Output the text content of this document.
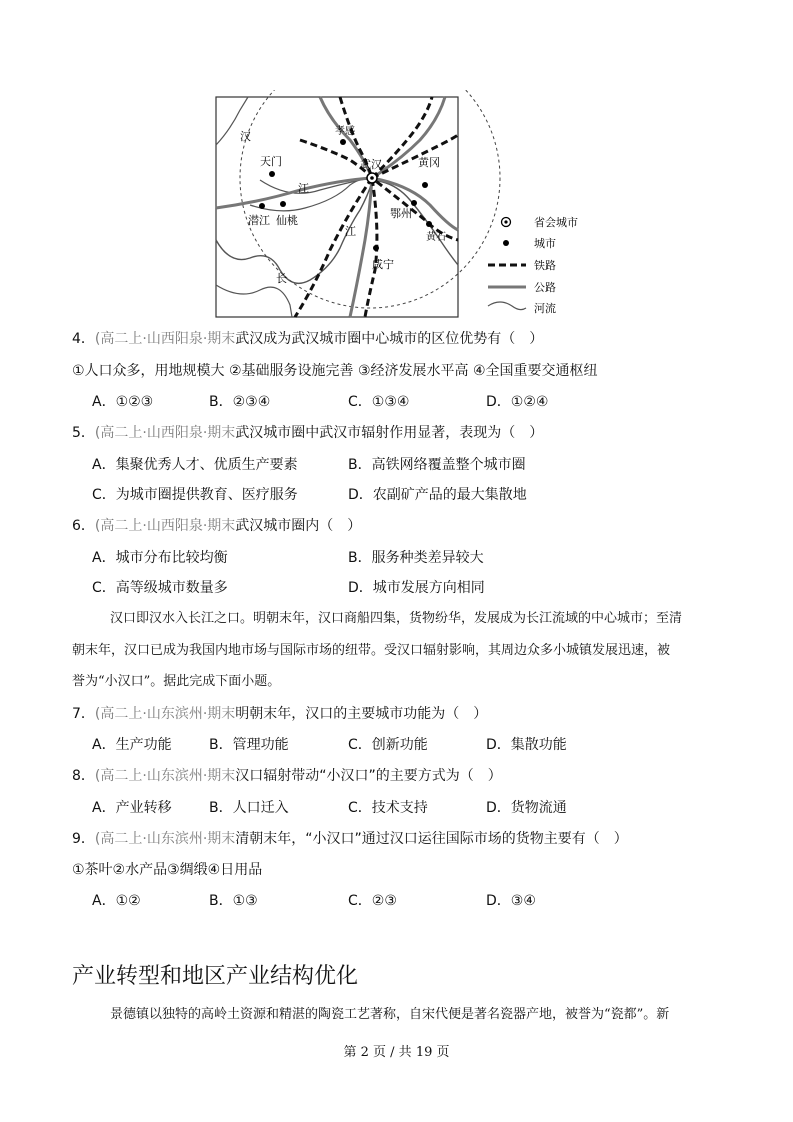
汉	孝感
天门
江
武汉	黄冈
潜江 仙桃
鄂州
江	黄石
咸宁
长
省会城市
城市
铁路
公路
河流
4．(高二上·山西阳泉·期末武汉成为武汉城市圈中心城市的区位优势有（　）
①人口众多，用地规模大 ②基础服务设施完善 ③经济发展水平高 ④全国重要交通枢纽
A．①②③	B．②③④	C．①③④	D．①②④
5．(高二上·山西阳泉·期末武汉城市圈中武汉市辐射作用显著，表现为（　）
A．集聚优秀人才、优质生产要素	B．高铁网络覆盖整个城市圈
C．为城市圈提供教育、医疗服务	D．农副矿产品的最大集散地
6．(高二上·山西阳泉·期末武汉城市圈内（　）
A．城市分布比较均衡	B．服务种类差异较大
C．高等级城市数量多	D．城市发展方向相同
汉口即汉水入长江之口。明朝末年，汉口商船四集，货物纷华，发展成为长江流域的中心城市；至清
朝末年，汉口已成为我国内地市场与国际市场的纽带。受汉口辐射影响，其周边众多小城镇发展迅速，被
誉为“小汉口”。据此完成下面小题。
7．(高二上·山东滨州·期末明朝末年，汉口的主要城市功能为（　）
A．生产功能	B．管理功能	C．创新功能	D．集散功能
8．(高二上·山东滨州·期末汉口辐射带动“小汉口”的主要方式为（　）
A．产业转移	B．人口迁入	C．技术支持	D．货物流通
9．(高二上·山东滨州·期末清朝末年，“小汉口”通过汉口运往国际市场的货物主要有（　）
①茶叶②水产品③绸缎④日用品
A．①②	B．①③	C．②③	D．③④
产业转型和地区产业结构优化
景德镇以独特的高岭土资源和精湛的陶瓷工艺著称，自宋代便是著名瓷器产地，被誉为“瓷都”。新
第 2 页 / 共 19 页
